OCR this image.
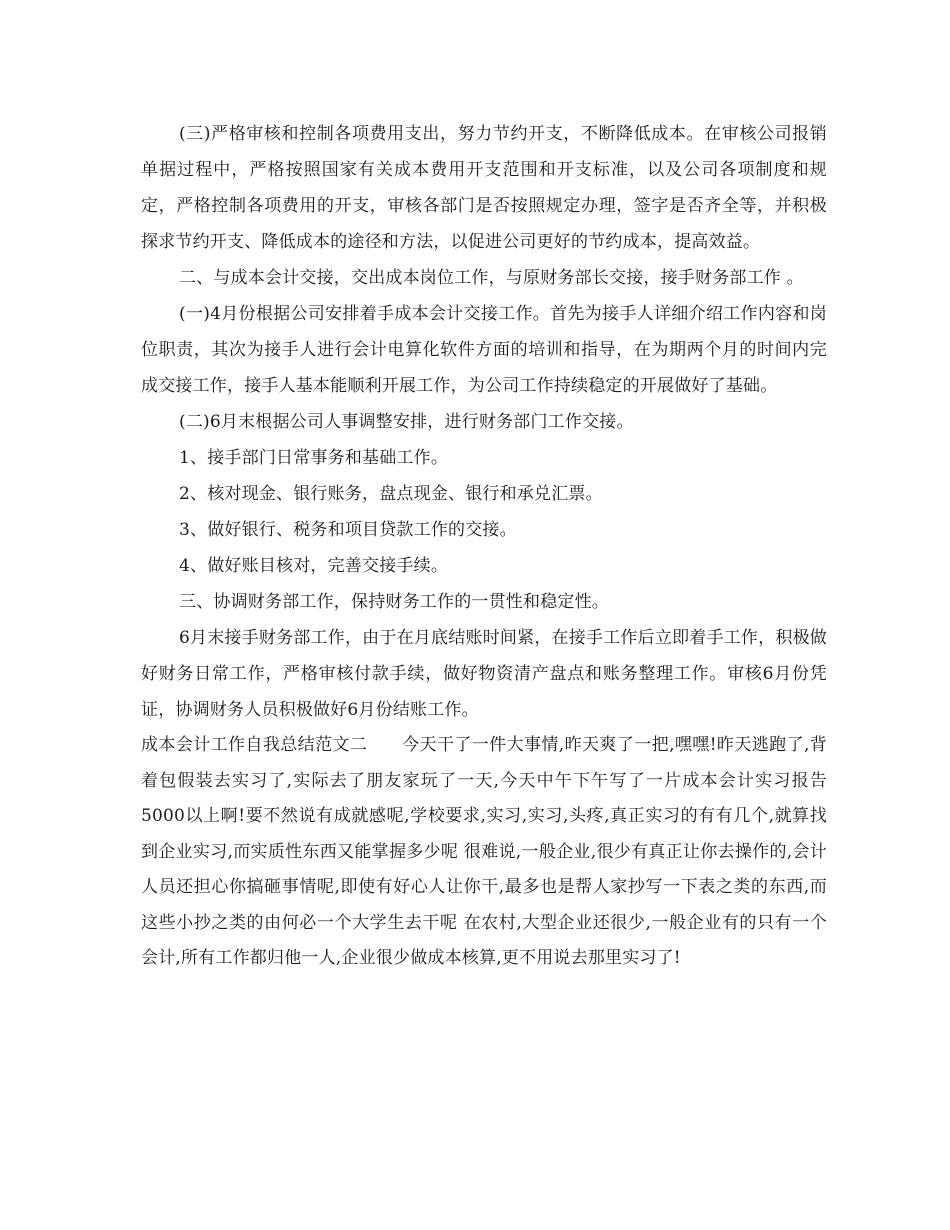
(三)严格审核和控制各项费用支出，努力节约开支，不断降低成本。在审核公司报销单据过程中，严格按照国家有关成本费用开支范围和开支标准，以及公司各项制度和规定，严格控制各项费用的开支，审核各部门是否按照规定办理，签字是否齐全等，并积极探求节约开支、降低成本的途径和方法，以促进公司更好的节约成本，提高效益。

二、与成本会计交接，交出成本岗位工作，与原财务部长交接，接手财务部工作 。

(一)4月份根据公司安排着手成本会计交接工作。首先为接手人详细介绍工作内容和岗位职责，其次为接手人进行会计电算化软件方面的培训和指导，在为期两个月的时间内完成交接工作，接手人基本能顺利开展工作，为公司工作持续稳定的开展做好了基础。

(二)6月末根据公司人事调整安排，进行财务部门工作交接。

1、接手部门日常事务和基础工作。

2、核对现金、银行账务，盘点现金、银行和承兑汇票。

3、做好银行、税务和项目贷款工作的交接。

4、做好账目核对，完善交接手续。

三、协调财务部工作，保持财务工作的一贯性和稳定性。

6月末接手财务部工作，由于在月底结账时间紧，在接手工作后立即着手工作，积极做好财务日常工作，严格审核付款手续，做好物资清产盘点和账务整理工作。审核6月份凭证，协调财务人员积极做好6月份结账工作。

成本会计工作自我总结范文二　　今天干了一件大事情,昨天爽了一把,嘿嘿!昨天逃跑了,背着包假装去实习了,实际去了朋友家玩了一天,今天中午下午写了一片成本会计实习报告5000以上啊!要不然说有成就感呢,学校要求,实习,实习,头疼,真正实习的有有几个,就算找到企业实习,而实质性东西又能掌握多少呢 很难说,一般企业,很少有真正让你去操作的,会计人员还担心你搞砸事情呢,即使有好心人让你干,最多也是帮人家抄写一下表之类的东西,而这些小抄之类的由何必一个大学生去干呢 在农村,大型企业还很少,一般企业有的只有一个会计,所有工作都归他一人,企业很少做成本核算,更不用说去那里实习了!
